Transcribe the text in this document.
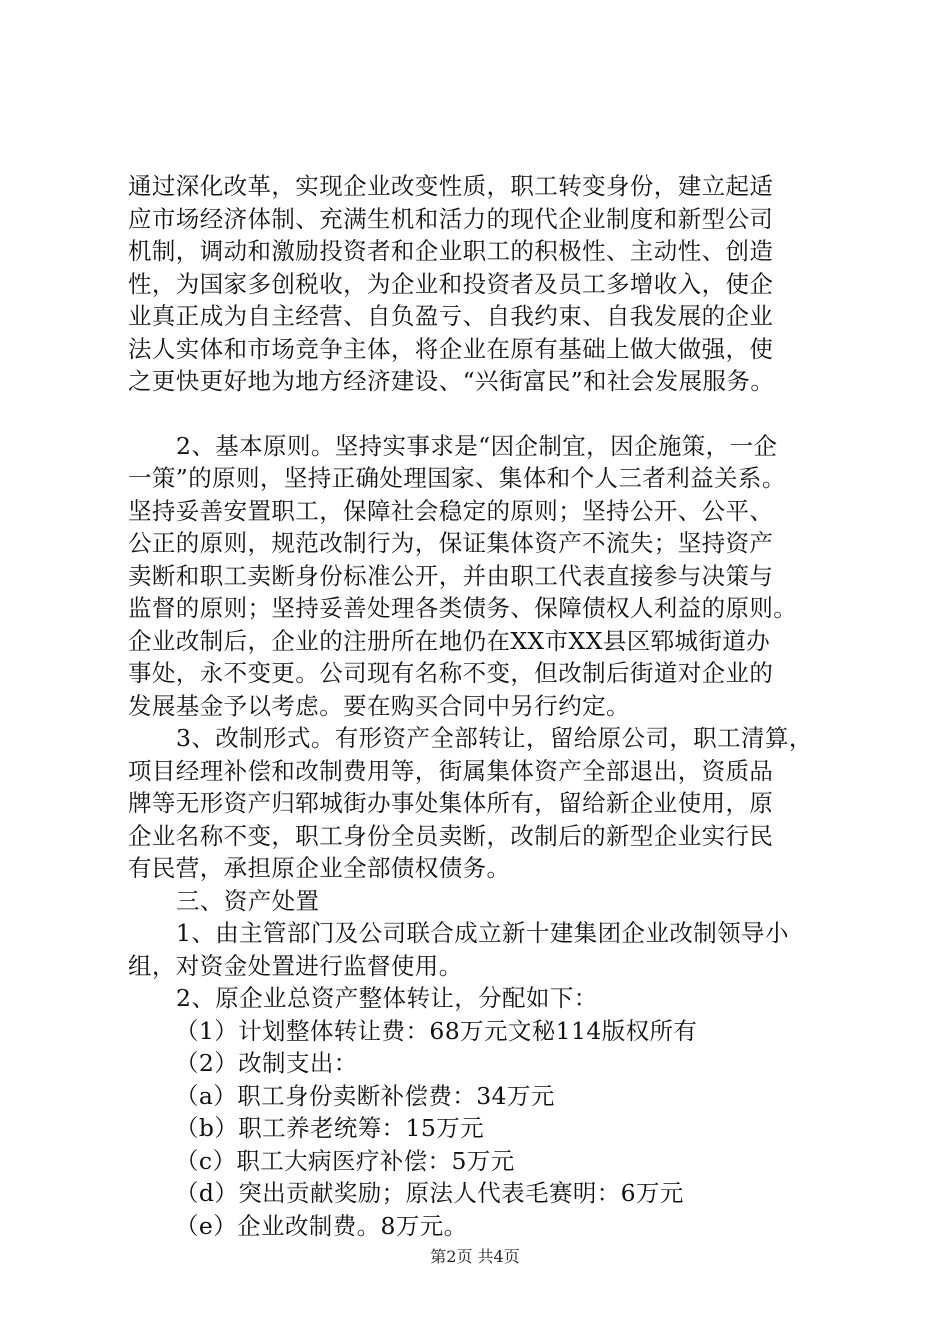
通过深化改革，实现企业改变性质，职工转变身份，建立起适
应市场经济体制、充满生机和活力的现代企业制度和新型公司
机制，调动和激励投资者和企业职工的积极性、主动性、创造
性，为国家多创税收，为企业和投资者及员工多增收入，使企
业真正成为自主经营、自负盈亏、自我约束、自我发展的企业
法人实体和市场竞争主体，将企业在原有基础上做大做强，使
之更快更好地为地方经济建设、“兴街富民”和社会发展服务。
2、基本原则。坚持实事求是“因企制宜，因企施策，一企
一策”的原则，坚持正确处理国家、集体和个人三者利益关系。
坚持妥善安置职工，保障社会稳定的原则；坚持公开、公平、
公正的原则，规范改制行为，保证集体资产不流失；坚持资产
卖断和职工卖断身份标准公开，并由职工代表直接参与决策与
监督的原则；坚持妥善处理各类债务、保障债权人利益的原则。
企业改制后，企业的注册所在地仍在XX市XX县区郓城街道办
事处，永不变更。公司现有名称不变，但改制后街道对企业的
发展基金予以考虑。要在购买合同中另行约定。
3、改制形式。有形资产全部转让，留给原公司，职工清算，
项目经理补偿和改制费用等，街属集体资产全部退出，资质品
牌等无形资产归郓城街办事处集体所有，留给新企业使用，原
企业名称不变，职工身份全员卖断，改制后的新型企业实行民
有民营，承担原企业全部债权债务。
三、资产处置
1、由主管部门及公司联合成立新十建集团企业改制领导小
组，对资金处置进行监督使用。
2、原企业总资产整体转让，分配如下：
（1）计划整体转让费：68万元文秘114版权所有
（2）改制支出：
（a）职工身份卖断补偿费：34万元
（b）职工养老统筹：15万元
（c）职工大病医疗补偿：5万元
（d）突出贡献奖励；原法人代表毛赛明：6万元
（e）企业改制费。8万元。
第2页 共4页
